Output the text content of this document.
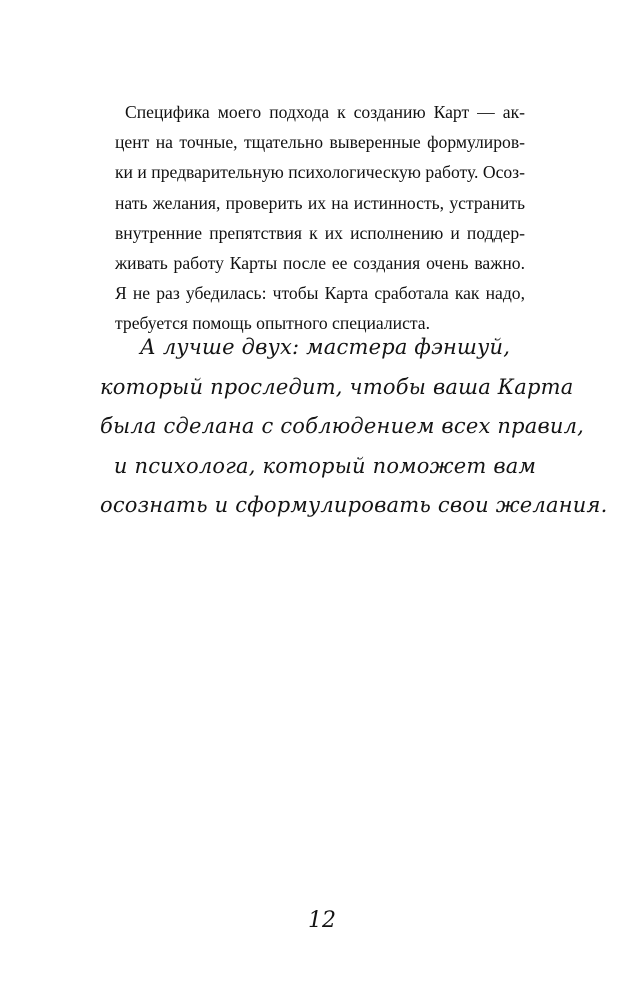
Специфика моего подхода к созданию Карт — ак-
цент на точные, тщательно выверенные формулиров-
ки и предварительную психологическую работу. Осоз-
нать желания, проверить их на истинность, устранить
внутренние препятствия к их исполнению и поддер-
живать работу Карты после ее создания очень важно.
Я не раз убедилась: чтобы Карта сработала как надо,
требуется помощь опытного специалиста.

А лучше двух: мастера фэншуй,
который проследит, чтобы ваша Карта
была сделана с соблюдением всех правил,
и психолога, который поможет вам
осознать и сформулировать свои желания.

12
